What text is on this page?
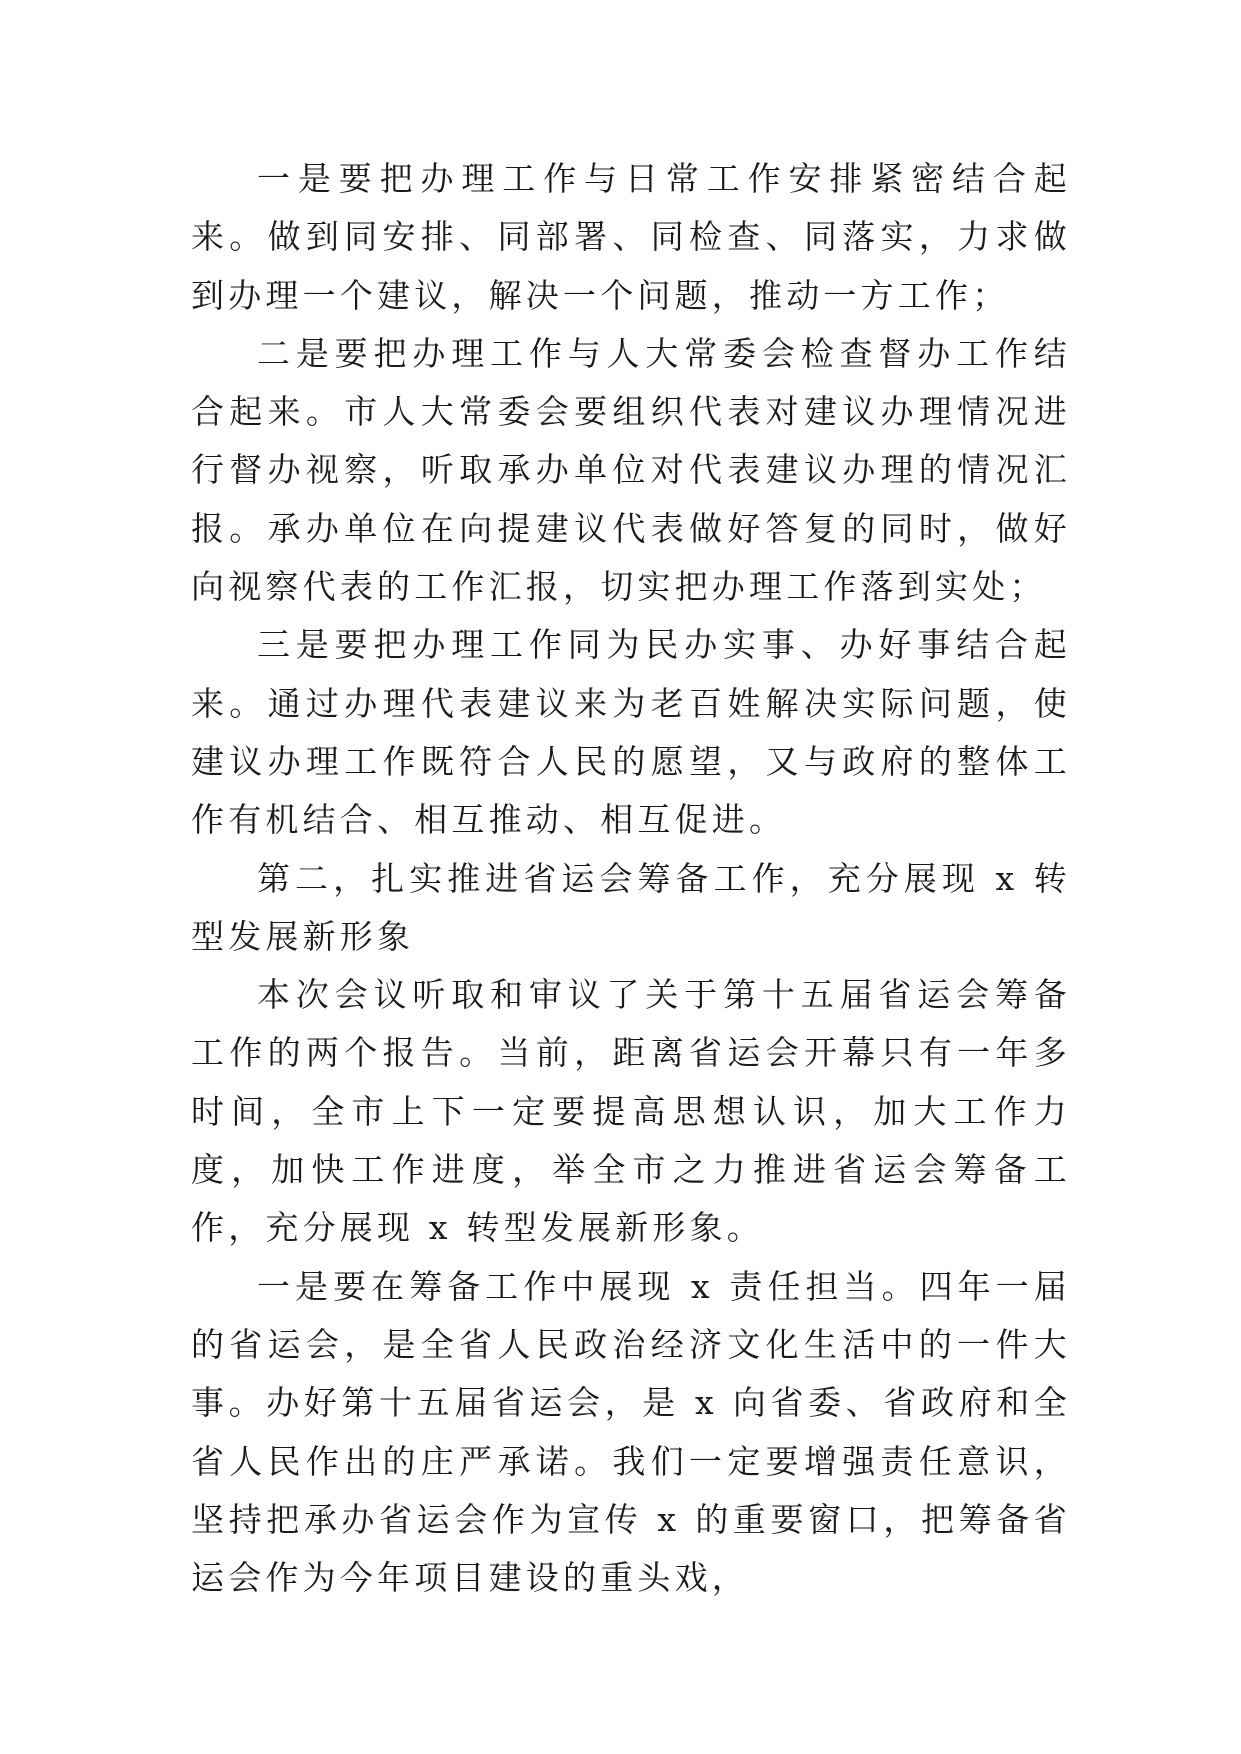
一是要把办理工作与日常工作安排紧密结合起来。做到同安排、同部署、同检查、同落实，力求做到办理一个建议，解决一个问题，推动一方工作；

二是要把办理工作与人大常委会检查督办工作结合起来。市人大常委会要组织代表对建议办理情况进行督办视察，听取承办单位对代表建议办理的情况汇报。承办单位在向提建议代表做好答复的同时，做好向视察代表的工作汇报，切实把办理工作落到实处；

三是要把办理工作同为民办实事、办好事结合起来。通过办理代表建议来为老百姓解决实际问题，使建议办理工作既符合人民的愿望，又与政府的整体工作有机结合、相互推动、相互促进。

第二，扎实推进省运会筹备工作，充分展现 x 转型发展新形象

本次会议听取和审议了关于第十五届省运会筹备工作的两个报告。当前，距离省运会开幕只有一年多时间，全市上下一定要提高思想认识，加大工作力度，加快工作进度，举全市之力推进省运会筹备工作，充分展现 x 转型发展新形象。

一是要在筹备工作中展现 x 责任担当。四年一届的省运会，是全省人民政治经济文化生活中的一件大事。办好第十五届省运会，是 x 向省委、省政府和全省人民作出的庄严承诺。我们一定要增强责任意识，坚持把承办省运会作为宣传 x 的重要窗口，把筹备省运会作为今年项目建设的重头戏，
